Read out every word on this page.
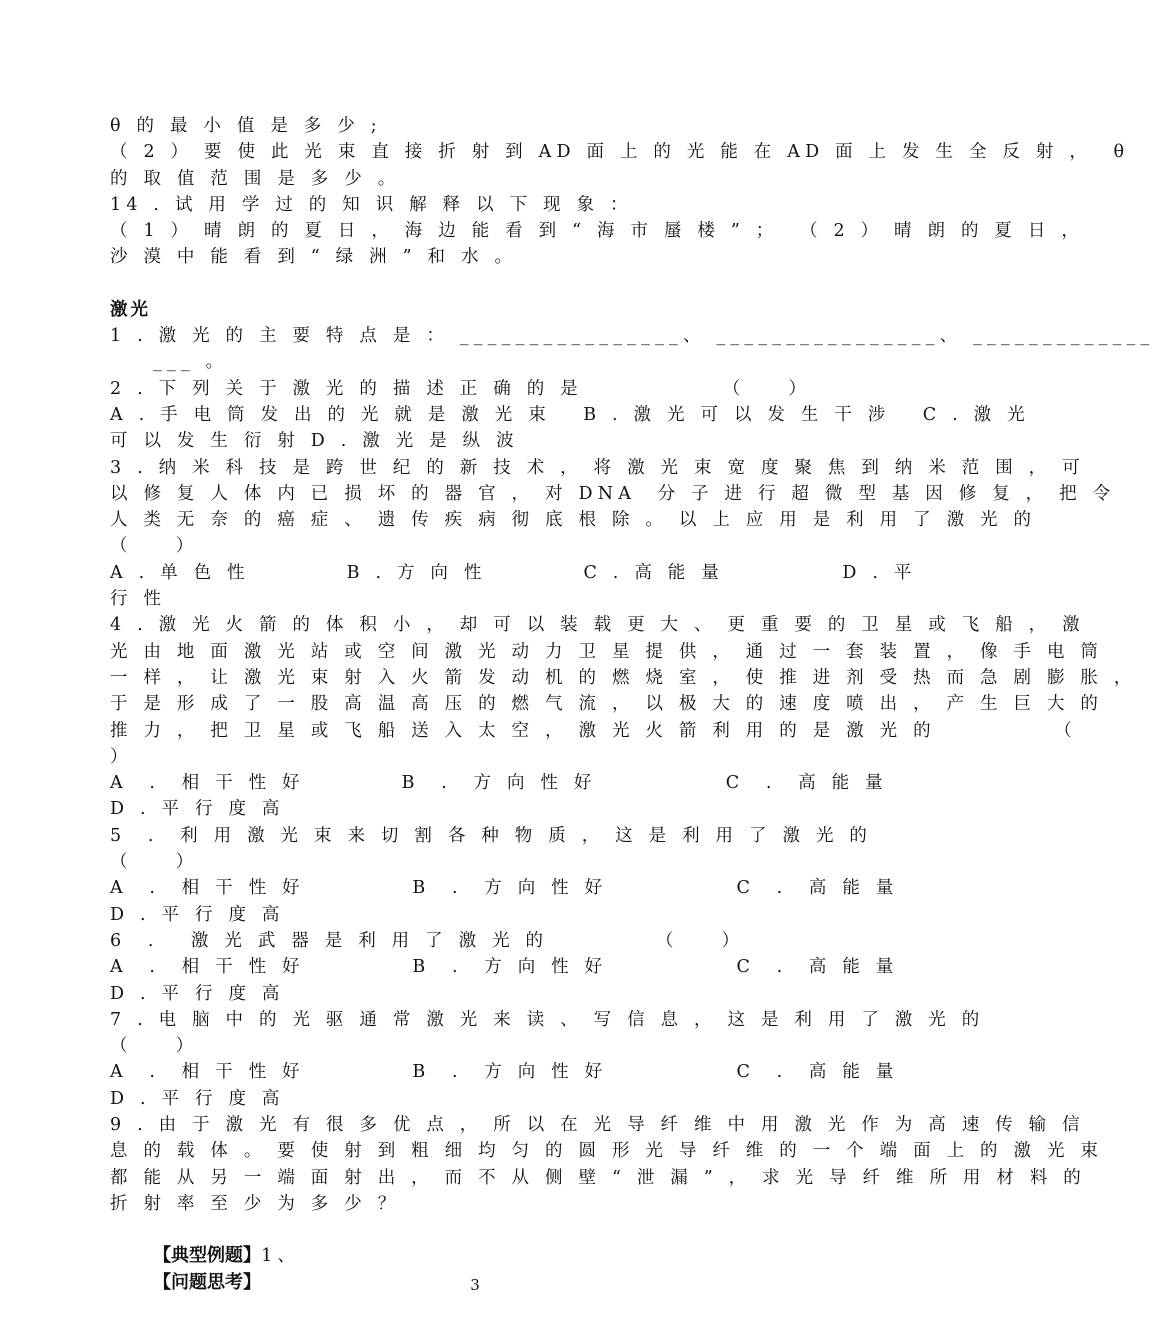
θ 的 最 小 值 是 多 少 ;
（ 2 ） 要 使 此 光 束 直 接 折 射 到 AD 面 上 的 光 能 在 AD 面 上 发 生 全 反 射 ，  θ
的 取 值 范 围 是 多 少 。
14 . 试 用 学 过 的 知 识 解 释 以 下 现 象 ：
（ 1 ） 晴 朗 的 夏 日 ， 海 边 能 看 到 “ 海 市 蜃 楼 ” ；  （ 2 ） 晴 朗 的 夏 日 ，
沙 漠 中 能 看 到 “ 绿 洲 ” 和 水 。
激光
1 . 激 光 的 主 要 特 点 是 ： ________________、 ________________、 _____________
___ 。
2 . 下 列 关 于 激 光 的 描 述 正 确 的 是             （    ）
A . 手 电 筒 发 出 的 光 就 是 激 光 束   B . 激 光 可 以 发 生 干 涉   C . 激 光
可 以 发 生 衍 射 D . 激 光 是 纵 波
3 . 纳 米 科 技 是 跨 世 纪 的 新 技 术 ， 将 激 光 束 宽 度 聚 焦 到 纳 米 范 围 ， 可
以 修 复 人 体 内 已 损 坏 的 器 官 ， 对 DNA  分 子 进 行 超 微 型 基 因 修 复 ， 把 令
人 类 无 奈 的 癌 症 、 遗 传 疾 病 彻 底 根 除 。 以 上 应 用 是 利 用 了 激 光 的
（    ）
A . 单 色 性         B . 方 向 性         C . 高 能 量           D . 平
行 性
4 . 激 光 火 箭 的 体 积 小 ， 却 可 以 装 载 更 大 、 更 重 要 的 卫 星 或 飞 船 ， 激
光 由 地 面 激 光 站 或 空 间 激 光 动 力 卫 星 提 供 ， 通 过 一 套 装 置 ， 像 手 电 筒
一 样 ， 让 激 光 束 射 入 火 箭 发 动 机 的 燃 烧 室 ， 使 推 进 剂 受 热 而 急 剧 膨 胀 ，
于 是 形 成 了 一 股 高 温 高 压 的 燃 气 流 ， 以 极 大 的 速 度 喷 出 ， 产 生 巨 大 的
推 力 ， 把 卫 星 或 飞 船 送 入 太 空 ， 激 光 火 箭 利 用 的 是 激 光 的           （
）
A  .  相 干 性 好         B  .  方 向 性 好            C  .  高 能 量
D . 平 行 度 高
5  .  利 用 激 光 束 来 切 割 各 种 物 质 ， 这 是 利 用 了 激 光 的
（    ）
A  .  相 干 性 好          B  .  方 向 性 好            C  .  高 能 量
D . 平 行 度 高
6  .   激 光 武 器 是 利 用 了 激 光 的          （    ）
A  .  相 干 性 好          B  .  方 向 性 好            C  .  高 能 量
D . 平 行 度 高
7 . 电 脑 中 的 光 驱 通 常 激 光 来 读 、 写 信 息 ， 这 是 利 用 了 激 光 的
（    ）
A  .  相 干 性 好          B  .  方 向 性 好            C  .  高 能 量
D . 平 行 度 高
9 . 由 于 激 光 有 很 多 优 点 ， 所 以 在 光 导 纤 维 中 用 激 光 作 为 高 速 传 输 信
息 的 载 体 。 要 使 射 到 粗 细 均 匀 的 圆 形 光 导 纤 维 的 一 个 端 面 上 的 激 光 束
都 能 从 另 一 端 面 射 出 ， 而 不 从 侧 壁 “ 泄 漏 ” ， 求 光 导 纤 维 所 用 材 料 的
折 射 率 至 少 为 多 少 ？

【典型例题】1、

【问题思考】
	3
